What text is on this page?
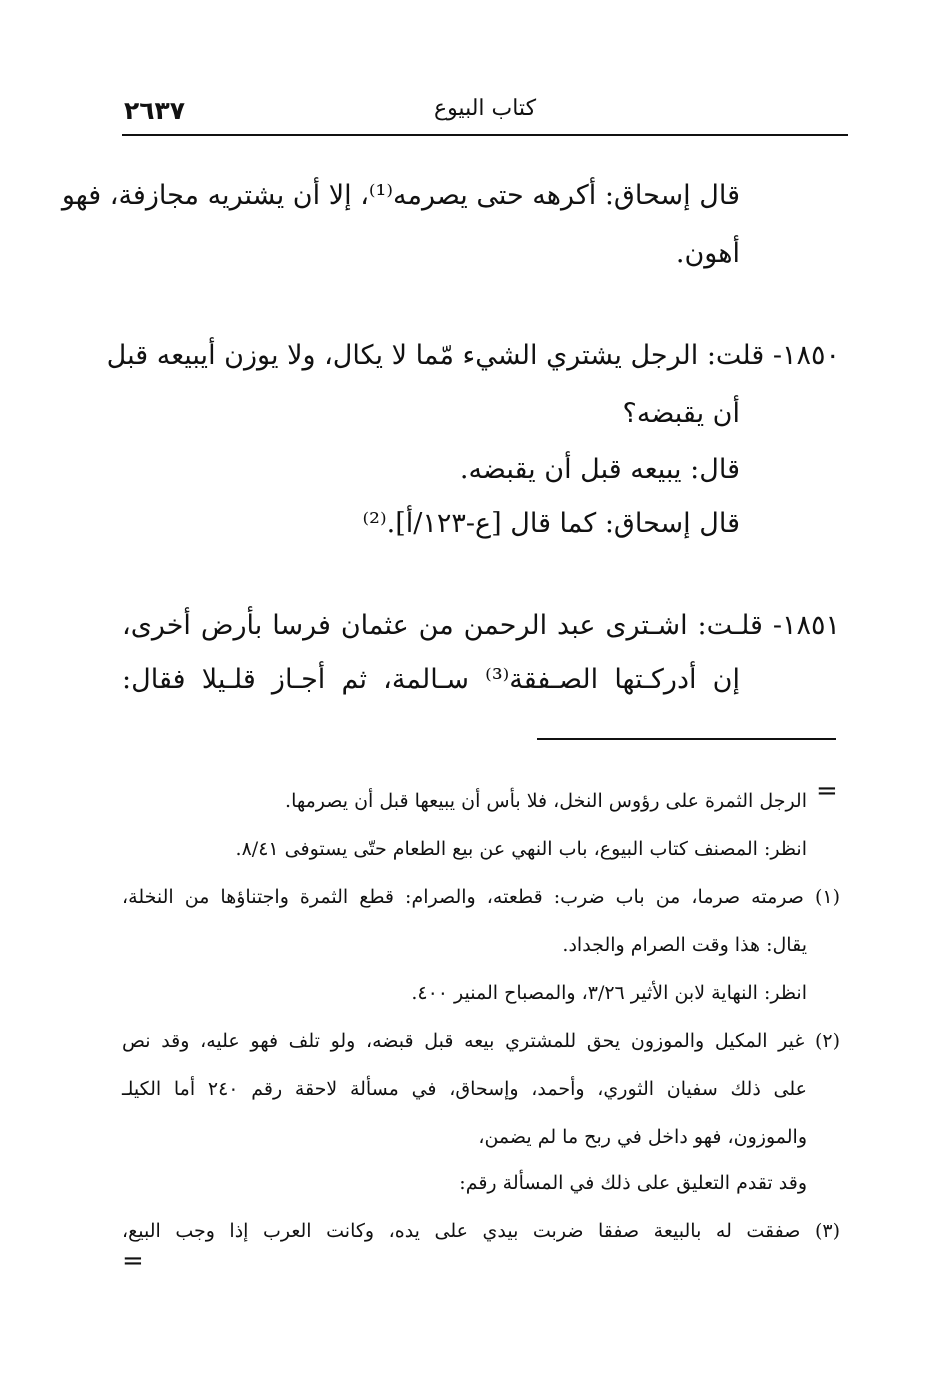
٢٦٣٧	كتاب البيوع
قال إسحاق: أكرهه حتى يصرمه⁽¹⁾، إلا أن يشتريه مجازفة، فهو
أهون.
١٨٥٠- قلت: الرجل يشتري الشيء مّما لا يكال، ولا يوزن أيبيعه قبل
أن يقبضه؟
قال: يبيعه قبل أن يقبضه.
قال إسحاق: كما قال [ع-١٢٣/أ].⁽²⁾
١٨٥١- قلـت: اشـترى عبد الرحمن من عثمان فرسا بأرض أخرى،
إن أدركـتها الصـفقة⁽³⁾ سـالمة، ثم أجـاز قلـيلا فقال:
=
الرجل الثمرة على رؤوس النخل، فلا بأس أن يبيعها قبل أن يصرمها.
انظر: المصنف كتاب البيوع، باب النهي عن بيع الطعام حتّى يستوفى ٨/٤١.
(١) صرمته صرما، من باب ضرب: قطعته، والصرام: قطع الثمرة واجتناؤها من النخلة،
يقال: هذا وقت الصرام والجداد.
انظر: النهاية لابن الأثير ٣/٢٦، والمصباح المنير ٤٠٠.
(٢) غير المكيل والموزون يحق للمشتري بيعه قبل قبضه، ولو تلف فهو عليه، وقد نص
على ذلك سفيان الثوري، وأحمد، وإسحاق، في مسألة لاحقة رقم ٢٤٠ أما الكيلـ
والموزون، فهو داخل في ربح ما لم يضمن،
وقد تقدم التعليق على ذلك في المسألة رقم:
(٣) صفقت له بالبيعة صفقا ضربت بيدي على يده، وكانت العرب إذا وجب البيع،
=
